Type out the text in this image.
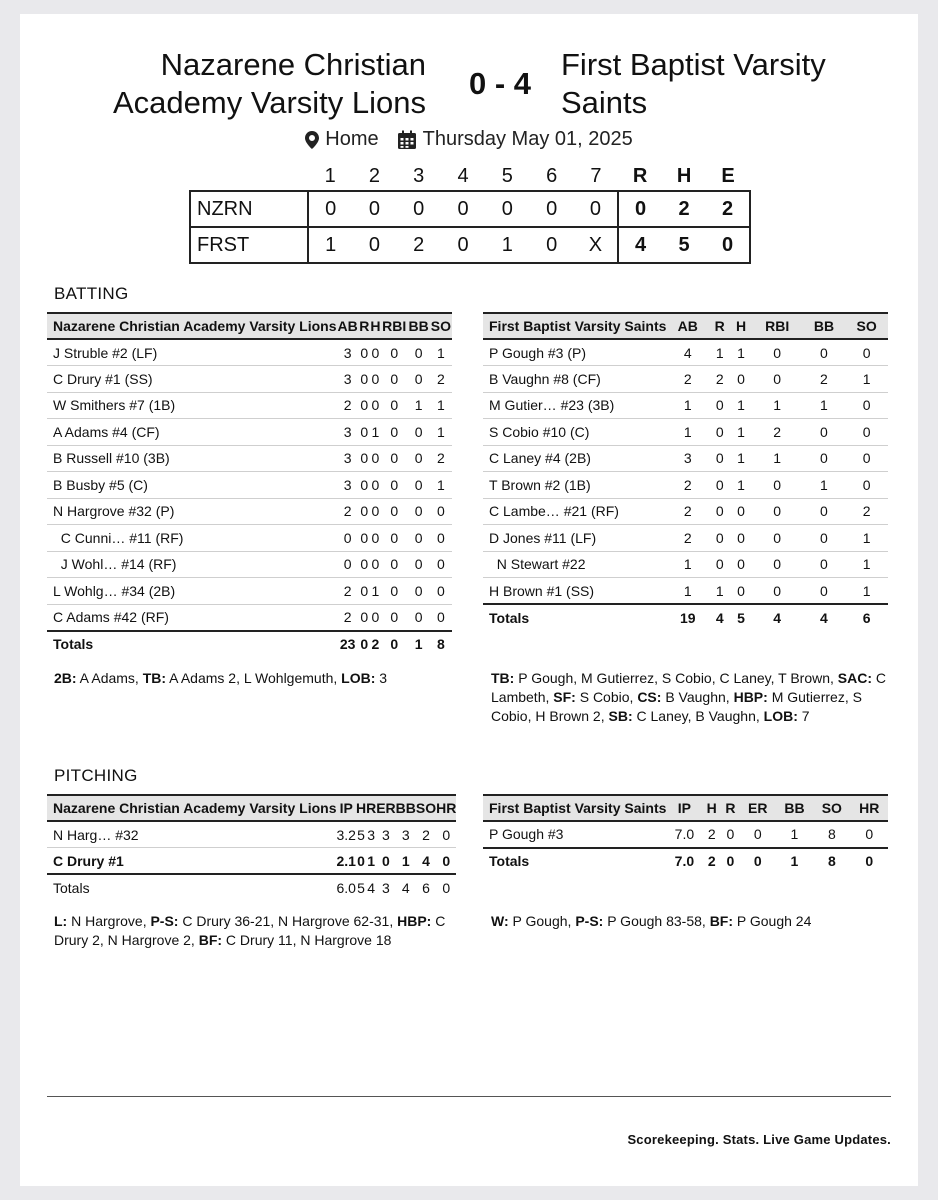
Nazarene Christian
Academy Varsity Lions
0 - 4
First Baptist Varsity
Saints
Home Thursday May 01, 2025
	1	2	3	4	5	6	7	R	H	E
NZRN	0	0	0	0	0	0	0	0	2	2
FRST	1	0	2	0	1	0	X	4	5	0
BATTING
Nazarene Christian Academy Varsity Lions	AB	R	H	RBI	BB	SO
J Struble #2 (LF)	3	0	0	0	0	1
C Drury #1 (SS)	3	0	0	0	0	2
W Smithers #7 (1B)	2	0	0	0	1	1
A Adams #4 (CF)	3	0	1	0	0	1
B Russell #10 (3B)	3	0	0	0	0	2
B Busby #5 (C)	3	0	0	0	0	1
N Hargrove #32 (P)	2	0	0	0	0	0
C Cunni… #11 (RF)	0	0	0	0	0	0
J Wohl… #14 (RF)	0	0	0	0	0	0
L Wohlg… #34 (2B)	2	0	1	0	0	0
C Adams #42 (RF)	2	0	0	0	0	0
Totals	23	0	2	0	1	8
First Baptist Varsity Saints	AB	R	H	RBI	BB	SO
P Gough #3 (P)	4	1	1	0	0	0
B Vaughn #8 (CF)	2	2	0	0	2	1
M Gutier… #23 (3B)	1	0	1	1	1	0
S Cobio #10 (C)	1	0	1	2	0	0
C Laney #4 (2B)	3	0	1	1	0	0
T Brown #2 (1B)	2	0	1	0	1	0
C Lambe… #21 (RF)	2	0	0	0	0	2
D Jones #11 (LF)	2	0	0	0	0	1
N Stewart #22	1	0	0	0	0	1
H Brown #1 (SS)	1	1	0	0	0	1
Totals	19	4	5	4	4	6
2B: A Adams, TB: A Adams 2, L Wohlgemuth, LOB: 3	TB: P Gough, M Gutierrez, S Cobio, C Laney, T Brown, SAC: C Lambeth, SF: S Cobio, CS: B Vaughn, HBP: M Gutierrez, S Cobio, H Brown 2, SB: C Laney, B Vaughn, LOB: 7
PITCHING
Nazarene Christian Academy Varsity Lions	IP	H	R	ER	BB	SO	HR
N Harg… #32	3.2	5	3	3	3	2	0
C Drury #1	2.1	0	1	0	1	4	0
Totals	6.0	5	4	3	4	6	0
First Baptist Varsity Saints	IP	H	R	ER	BB	SO	HR
P Gough #3	7.0	2	0	0	1	8	0
Totals	7.0	2	0	0	1	8	0
L: N Hargrove, P-S: C Drury 36-21, N Hargrove 62-31, HBP: C Drury 2, N Hargrove 2, BF: C Drury 11, N Hargrove 18
W: P Gough, P-S: P Gough 83-58, BF: P Gough 24
Scorekeeping. Stats. Live Game Updates.
